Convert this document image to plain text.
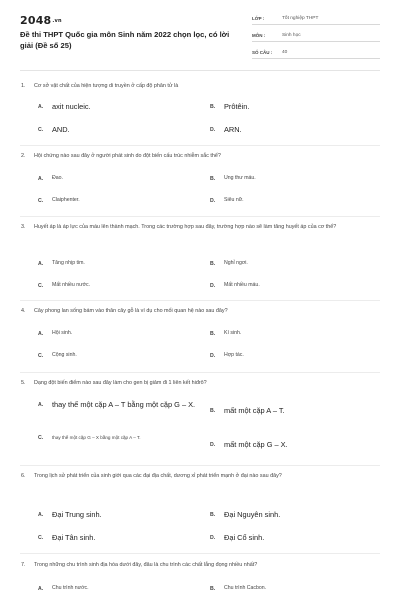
2048.vn
Đề thi THPT Quốc gia môn Sinh năm 2022 chọn lọc, có lời giải (Đề số 25)
LỚP :	Tốt nghiệp THPT
MÔN :	Sinh học
SỐ CÂU :	40
1. Cơ sở vật chất của hiện tượng di truyền ở cấp độ phân tử là
A.	axit nucleic.	B.	Prôtêin.
C.	AND.	D.	ARN.
2. Hội chứng nào sau đây ở người phát sinh do đột biến cấu trúc nhiễm sắc thể?
A.	Đao.	B.	Ung thư máu.
C.	Claiphenter.	D.	Siêu nữ.
3. Huyết áp là áp lực của máu lên thành mạch. Trong các trường hợp sau đây, trường hợp nào sẽ làm tăng huyết áp của cơ thể?
A.	Tăng nhịp tim.	B.	Nghỉ ngơi.
C.	Mất nhiều nước.	D.	Mất nhiều máu.
4. Cây phong lan sống bám vào thân cây gỗ là ví dụ cho mối quan hệ nào sau đây?
A.	Hội sinh.	B.	Kí sinh.
C.	Cộng sinh.	D.	Hợp tác.
5. Dạng đột biến điểm nào sau đây làm cho gen bị giảm đi 1 liên kết hiđrô?
A.	thay thế một cặp A – T bằng một cặp G – X.
B.	mất một cặp A – T.
C.	thay thế một cặp G – X bằng một cặp A – T.
D.	mất một cặp G – X.
6. Trong lịch sử phát triển của sinh giới qua các đại địa chất, dương xỉ phát triển mạnh ở đại nào sau đây?
A.	Đại Trung sinh.	B.	Đại Nguyên sinh.
C.	Đại Tân sinh.	D.	Đại Cổ sinh.
7. Trong những chu trình sinh địa hóa dưới đây, đâu là chu trình các chất lắng đọng nhiều nhất?
A.	Chu trình nước.	B.	Chu trình Cacbon.
